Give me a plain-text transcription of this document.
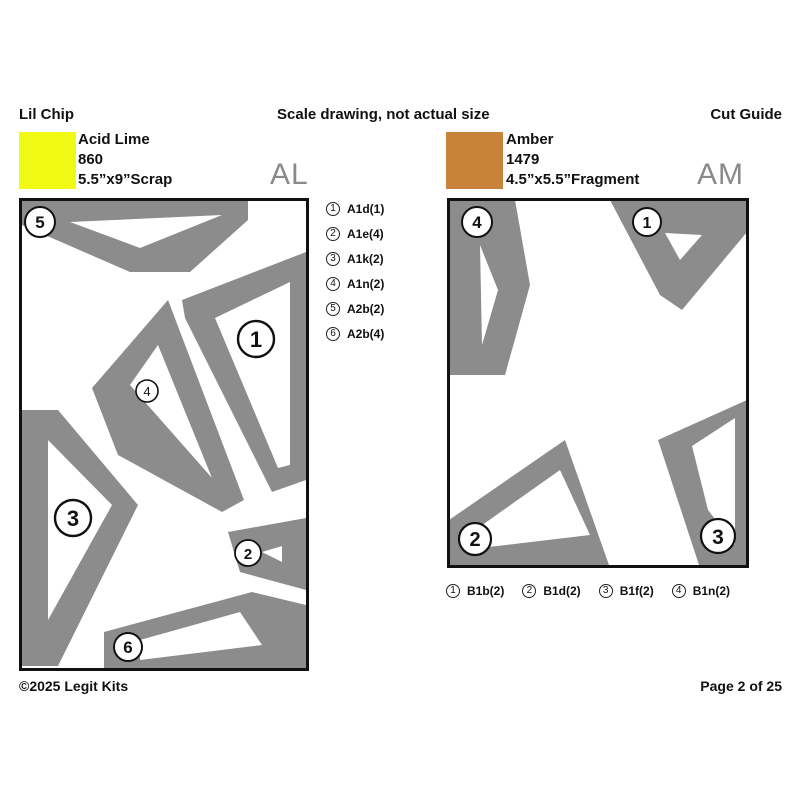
Lil Chip	Scale drawing, not actual size	Cut Guide
Acid Lime
860
5.5”x9”Scrap	AL
Amber
1479
4.5”x5.5”Fragment AM
5
1
4
3
2
6
4	1
2	3
1 A1d(1)
2 A1e(4)
3 A1k(2)
4 A1n(2)
5 A2b(2)
6 A2b(4)
1 B1b(2)	2 B1d(2)	3 B1f(2)	4 B1n(2)
©2025 Legit Kits	Page 2 of 25
